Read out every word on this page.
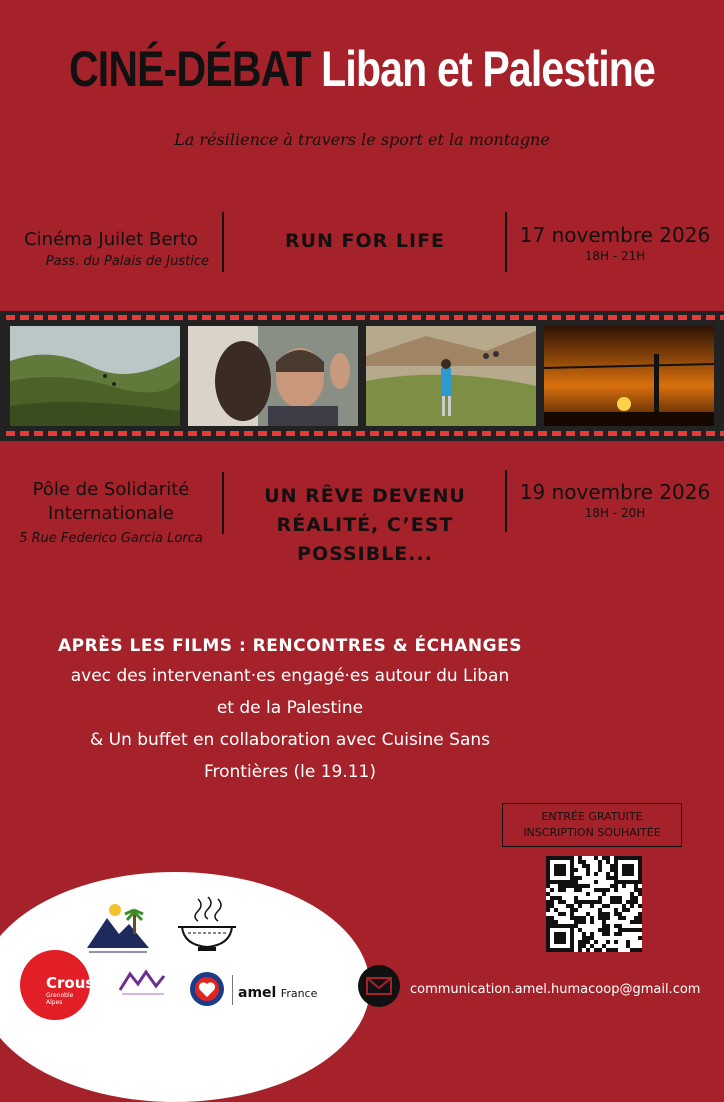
CINÉ-DÉBAT Liban et Palestine
La résilience à travers le sport et la montagne
Cinéma Juilet Berto
Pass. du Palais de Justice
RUN FOR LIFE	17 novembre 2026
18H - 21H
Pôle de Solidarité
Internationale
5 Rue Federico Garcia Lorca
UN RÊVE DEVENU
RÉALITÉ, C’EST
POSSIBLE...
19 novembre 2026
18H - 20H
APRÈS LES FILMS : RENCONTRES & ÉCHANGES
avec des intervenant·es engagé·es autour du Liban
et de la Palestine
& Un buffet en collaboration avec Cuisine Sans
Frontières (le 19.11)
ENTRÉE GRATUITE
INSCRIPTION SOUHAITÉE
Crous
Grenoble
Alpes
amel France	communication.amel.humacoop@gmail.com
